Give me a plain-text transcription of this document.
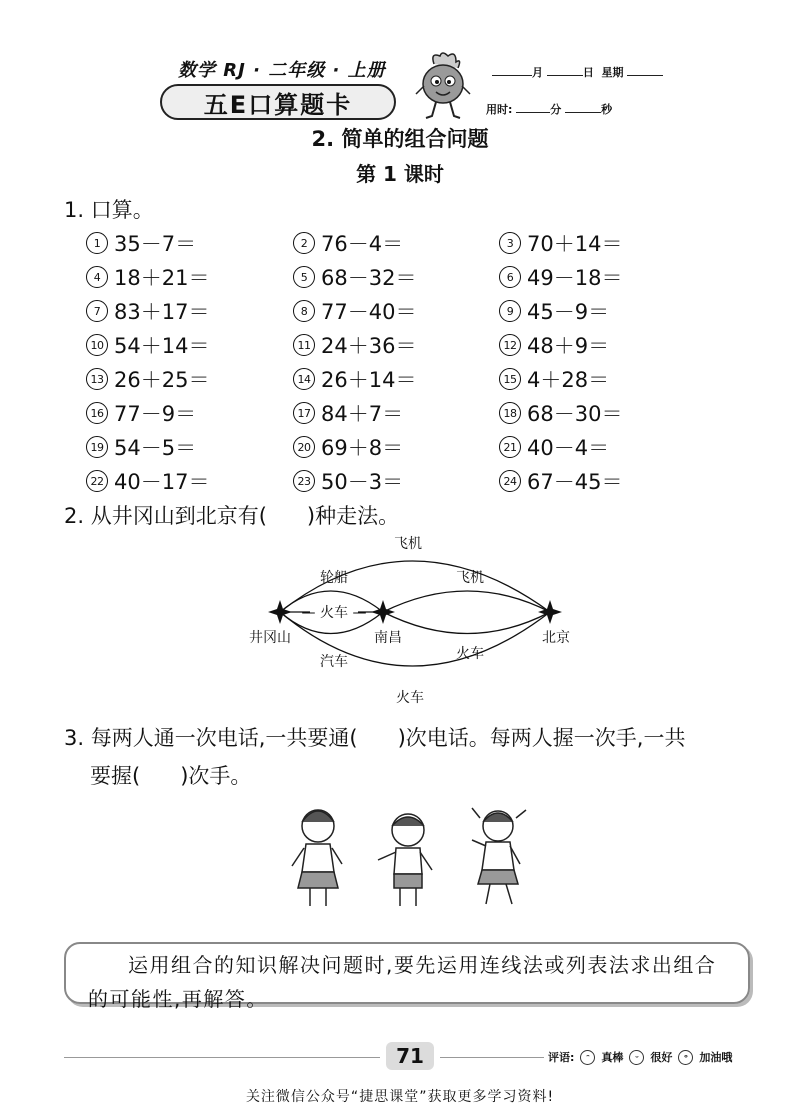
数学 RJ · 二年级 · 上册
五E口算题卡
月	日 星期
用时:	分	秒
2. 简单的组合问题
第 1 课时
1. 口算。
1 35－7＝	2 76－4＝	3 70＋14＝
4 18＋21＝	5 68－32＝	6 49－18＝
7 83＋17＝	8 77－40＝	9 45－9＝
10 54＋14＝	11 24＋36＝	12 48＋9＝
13 26＋25＝	14 26＋14＝	15 4＋28＝
16 77－9＝	17 84＋7＝	18 68－30＝
19 54－5＝	20 69＋8＝	21 40－4＝
22 40－17＝	23 50－3＝	24 67－45＝
2. 从井冈山到北京有( )种走法。
飞机
轮船	飞机
— 火车 —
汽车	火车
火车
井冈山	南昌	北京
3. 每两人通一次电话,一共要通( )次电话。每两人握一次手,一共
要握( )次手。
运用组合的知识解决问题时,要先运用连线法或列表法求出组合的可能性,再解答。
71	评语:	ᵔ	真棒	ᵕ	很好	ᵒ	加油哦
关注微信公众号“捷思课堂”获取更多学习资料!
